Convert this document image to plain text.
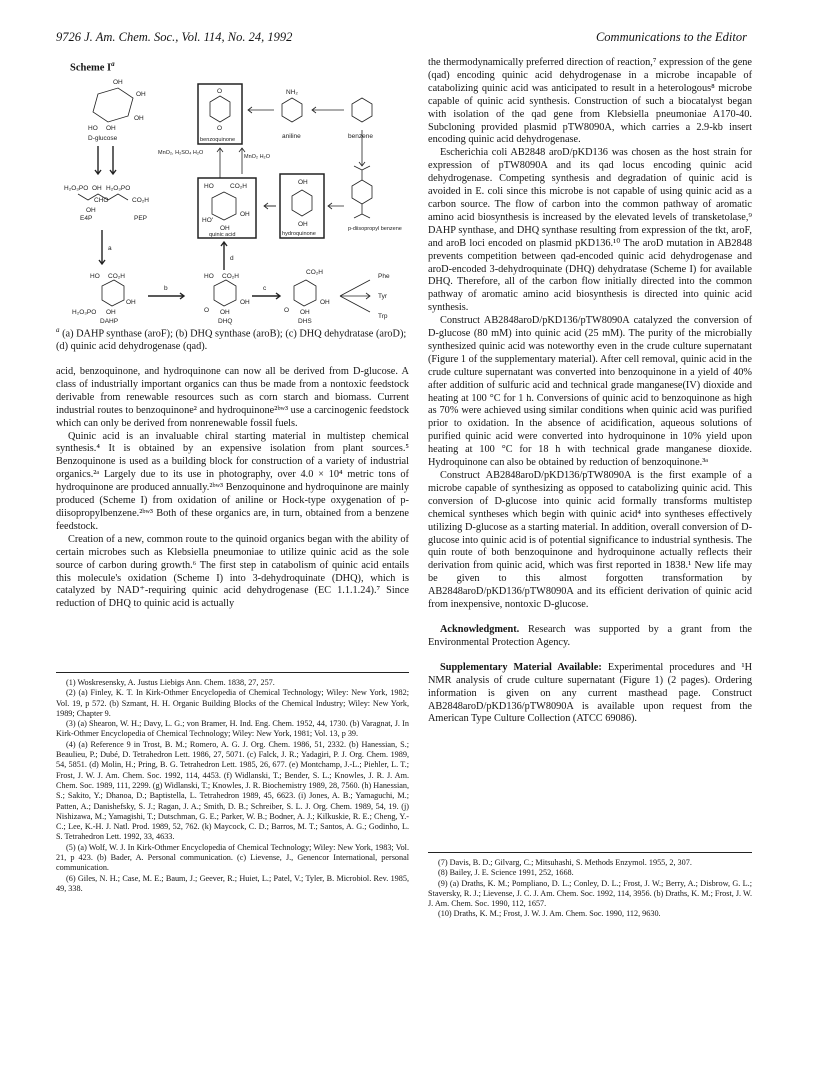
9726 J. Am. Chem. Soc., Vol. 114, No. 24, 1992	Communications to the Editor
Scheme $I^a$
OH
OH
OH
HO OH
D-glucose
O
O
benzoquinone
NH₂
aniline	benzene
MnO₂, H₂SO₄ H₂O
MnO₂ H₂O
H₂O₃PO OH H₂O₃PO
CO₂H
OH
CHO
E4P	PEP
HO	CO₂H
OH
HO'
OH
quinic acid
OH
OH
hydroquinone
p-diisopropyl benzene
a
d
HO CO₂H
OH
H₂O₃PO OH
DAHP
b
HO CO₂H
OH
O OH
DHQ
c
CO₂H
OH
O OH
DHS
Phe
Tyr
Trp
$^a$ (a) DAHP synthase (aroF); (b) DHQ synthase (aroB); (c) DHQ dehydratase (aroD); (d) quinic acid dehydrogenase (qad).

acid, benzoquinone, and hydroquinone can now all be derived from D-glucose. A class of industrially important organics can thus be made from a nontoxic feedstock derivable from renewable resources such as corn starch and biomass. Current industrial routes to benzoquinone² and hydroquinone²ᵇʷ³ use a carcinogenic feedstock which can only be derived from nonrenewable fossil fuels.

Quinic acid is an invaluable chiral starting material in multistep chemical synthesis.⁴ It is obtained by an expensive isolation from plant sources.⁵ Benzoquinone is used as a building block for construction of a variety of industrial organics.²ᵃ Largely due to its use in photography, over 4.0 × 10⁴ metric tons of hydroquinone are produced annually.²ᵇʷ³ Benzoquinone and hydroquinone are mainly produced (Scheme I) from oxidation of aniline or Hock-type oxygenation of p-diisopropylbenzene.²ᵇʷ³ Both of these organics are, in turn, obtained from a benzene feedstock.

Creation of a new, common route to the quinoid organics began with the ability of certain microbes such as Klebsiella pneumoniae to utilize quinic acid as the sole source of carbon during growth.⁶ The first step in catabolism of quinic acid entails this molecule's oxidation (Scheme I) into 3-dehydroquinate (DHQ), which is catalyzed by NAD⁺-requiring quinic acid dehydrogenase (EC 1.1.1.24).⁷ Since reduction of DHQ to quinic acid is actually

(1) Woskresensky, A. Justus Liebigs Ann. Chem. 1838, 27, 257.

(2) (a) Finley, K. T. In Kirk-Othmer Encyclopedia of Chemical Technology; Wiley: New York, 1982; Vol. 19, p 572. (b) Szmant, H. H. Organic Building Blocks of the Chemical Industry; Wiley: New York, 1989; Chapter 9.

(3) (a) Shearon, W. H.; Davy, L. G.; von Bramer, H. Ind. Eng. Chem. 1952, 44, 1730. (b) Varagnat, J. In Kirk-Othmer Encyclopedia of Chemical Technology; Wiley: New York, 1981; Vol. 13, p 39.

(4) (a) Reference 9 in Trost, B. M.; Romero, A. G. J. Org. Chem. 1986, 51, 2332. (b) Hanessian, S.; Beaulieu, P.; Dubé, D. Tetrahedron Lett. 1986, 27, 5071. (c) Falck, J. R.; Yadagiri, P. J. Org. Chem. 1989, 54, 5851. (d) Molin, H.; Pring, B. G. Tetrahedron Lett. 1985, 26, 677. (e) Montchamp, J.-L.; Piehler, L. T.; Frost, J. W. J. Am. Chem. Soc. 1992, 114, 4453. (f) Widlanski, T.; Bender, S. L.; Knowles, J. R. J. Am. Chem. Soc. 1989, 111, 2299. (g) Widlanski, T.; Knowles, J. R. Biochemistry 1989, 28, 7560. (h) Hanessian, S.; Sakito, Y.; Dhanoa, D.; Baptistella, L. Tetrahedron 1989, 45, 6623. (i) Jones, A. B.; Yamaguchi, M.; Patten, A.; Danishefsky, S. J.; Ragan, J. A.; Smith, D. B.; Schreiber, S. L. J. Org. Chem. 1989, 54, 19. (j) Nishizawa, M.; Yamagishi, T.; Dutschman, G. E.; Parker, W. B.; Bodner, A. J.; Kilkuskie, R. E.; Cheng, Y.-C.; Lee, K.-H. J. Natl. Prod. 1989, 52, 762. (k) Maycock, C. D.; Barros, M. T.; Santos, A. G.; Godinho, L. S. Tetrahedron Lett. 1992, 33, 4633.

(5) (a) Wolf, W. J. In Kirk-Othmer Encyclopedia of Chemical Technology; Wiley: New York, 1983; Vol. 21, p 423. (b) Bader, A. Personal communication. (c) Lievense, J., Genencor International, personal communication.

(6) Giles, N. H.; Case, M. E.; Baum, J.; Geever, R.; Huiet, L.; Patel, V.; Tyler, B. Microbiol. Rev. 1985, 49, 338.

the thermodynamically preferred direction of reaction,⁷ expression of the gene (qad) encoding quinic acid dehydrogenase in a microbe incapable of catabolizing quinic acid was anticipated to result in a heterologous⁸ microbe capable of quinic acid synthesis. Construction of such a biocatalyst began with isolation of the qad gene from Klebsiella pneumoniae A170-40. Subcloning provided plasmid pTW8090A, which carries a 2.9-kb insert encoding quinic acid dehydrogenase.

Escherichia coli AB2848 aroD/pKD136 was chosen as the host strain for expression of pTW8090A and its qad locus encoding quinic acid dehydrogenase. Competing synthesis and degradation of quinic acid is avoided in E. coli since this microbe is not capable of using quinic acid as a carbon source. The flow of carbon into the common pathway of aromatic amino acid biosynthesis is increased by the elevated levels of transketolase,⁹ DAHP synthase, and DHQ synthase resulting from expression of the tkt, aroF, and aroB loci encoded on plasmid pKD136.¹⁰ The aroD mutation in AB2848 prevents competition between qad-encoded quinic acid dehydrogenase and aroD-encoded 3-dehydroquinate (DHQ) dehydratase (Scheme I) for available DHQ. Therefore, all of the carbon flow initially directed into the common pathway of aromatic amino acid biosynthesis is directed into quinic acid synthesis.

Construct AB2848aroD/pKD136/pTW8090A catalyzed the conversion of D-glucose (80 mM) into quinic acid (25 mM). The purity of the microbially synthesized quinic acid was noteworthy even in the crude culture supernatant (Figure 1 of the supplementary material). After cell removal, quinic acid in the crude culture supernatant was converted into benzoquinone in a yield of 40% after addition of sulfuric acid and technical grade manganese(IV) dioxide and heating at 100 °C for 1 h. Conversions of quinic acid to benzoquinone as high as 70% were achieved using similar conditions when quinic acid was purified prior to oxidation. In the absence of acidification, aqueous solutions of purified quinic acid were converted into hydroquinone in 10% yield upon heating at 100 °C for 18 h with technical grade manganese dioxide. Hydroquinone can also be obtained by reduction of benzoquinone.³ᵃ

Construct AB2848aroD/pKD136/pTW8090A is the first example of a microbe capable of synthesizing as opposed to catabolizing quinic acid. This conversion of D-glucose into quinic acid formally transforms multistep chemical syntheses which begin with quinic acid⁴ into syntheses effectively utilizing D-glucose as a starting material. In addition, overall conversion of D-glucose into quinic acid is of potential significance to industrial synthesis. The quin route of both benzoquinone and hydroquinone actually reflects their derivation from quinic acid, which was first reported in 1838.¹ New life may be given to this almost forgotten transformation by AB2848aroD/pKD136/pTW8090A and its efficient derivation of quinic acid from inexpensive, nontoxic D-glucose.

Acknowledgment. Research was supported by a grant from the Environmental Protection Agency.

Supplementary Material Available: Experimental procedures and ¹H NMR analysis of crude culture supernatant (Figure 1) (2 pages). Ordering information is given on any current masthead page. Construct AB2848aroD/pKD136/pTW8090A is available upon request from the American Type Culture Collection (ATCC 69086).

(7) Davis, B. D.; Gilvarg, C.; Mitsuhashi, S. Methods Enzymol. 1955, 2, 307.

(8) Bailey, J. E. Science 1991, 252, 1668.

(9) (a) Draths, K. M.; Pompliano, D. L.; Conley, D. L.; Frost, J. W.; Berry, A.; Disbrow, G. L.; Staversky, R. J.; Lievense, J. C. J. Am. Chem. Soc. 1992, 114, 3956. (b) Draths, K. M.; Frost, J. W. J. Am. Chem. Soc. 1990, 112, 1657.

(10) Draths, K. M.; Frost, J. W. J. Am. Chem. Soc. 1990, 112, 9630.
